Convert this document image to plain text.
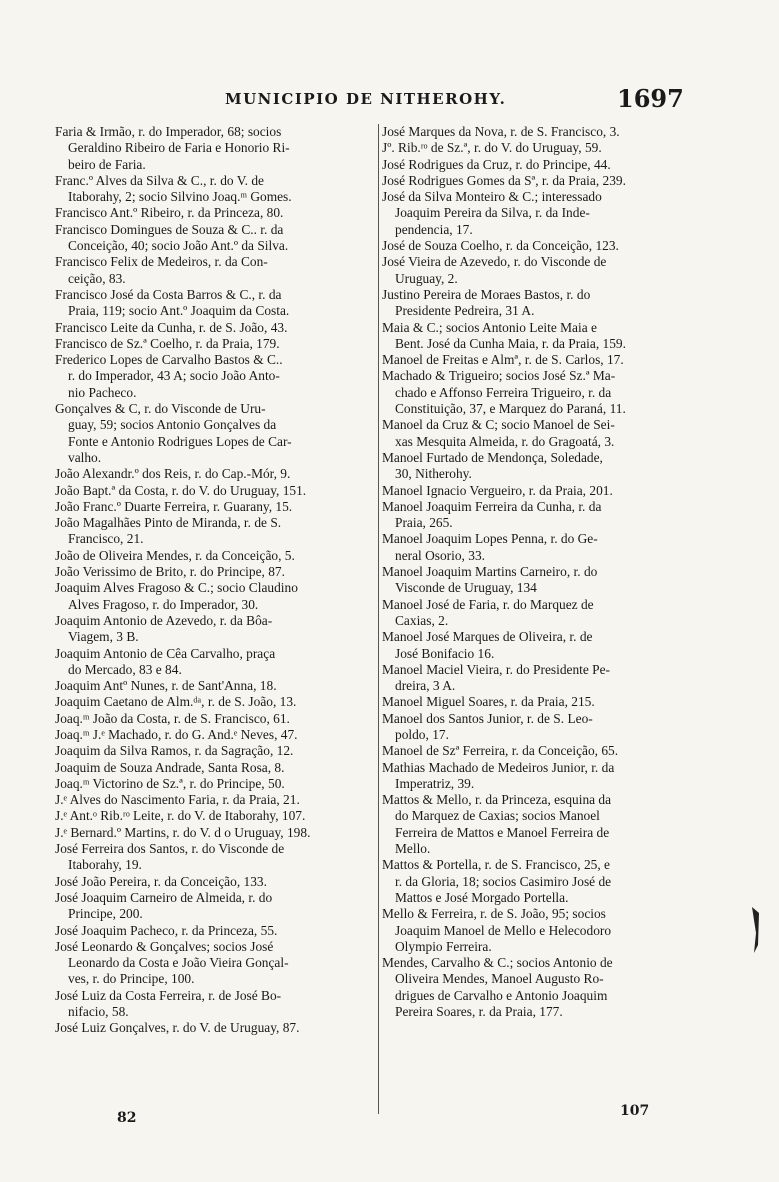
MUNICIPIO DE NITHEROHY.	1697
Faria & Irmão, r. do Imperador, 68; socios
Geraldino Ribeiro de Faria e Honorio Ri-
beiro de Faria.
Franc.º Alves da Silva & C., r. do V. de
Itaborahy, 2; socio Silvino Joaq.ᵐ Gomes.
Francisco Ant.º Ribeiro, r. da Princeza, 80.
Francisco Domingues de Souza & C.. r. da
Conceição, 40; socio João Ant.º da Silva.
Francisco Felix de Medeiros, r. da Con-
ceição, 83.
Francisco José da Costa Barros & C., r. da
Praia, 119; socio Ant.º Joaquim da Costa.
Francisco Leite da Cunha, r. de S. João, 43.
Francisco de Sz.ª Coelho, r. da Praia, 179.
Frederico Lopes de Carvalho Bastos & C..
r. do Imperador, 43 A; socio João Anto-
nio Pacheco.
Gonçalves & C, r. do Visconde de Uru-
guay, 59; socios Antonio Gonçalves da
Fonte e Antonio Rodrigues Lopes de Car-
valho.
João Alexandr.º dos Reis, r. do Cap.-Mór, 9.
João Bapt.ª da Costa, r. do V. do Uruguay, 151.
João Franc.º Duarte Ferreira, r. Guarany, 15.
João Magalhães Pinto de Miranda, r. de S.
Francisco, 21.
João de Oliveira Mendes, r. da Conceição, 5.
João Verissimo de Brito, r. do Principe, 87.
Joaquim Alves Fragoso & C.; socio Claudino
Alves Fragoso, r. do Imperador, 30.
Joaquim Antonio de Azevedo, r. da Bôa-
Viagem, 3 B.
Joaquim Antonio de Cêa Carvalho, praça
do Mercado, 83 e 84.
Joaquim Antº Nunes, r. de Sant'Anna, 18.
Joaquim Caetano de Alm.ᵈᵃ, r. de S. João, 13.
Joaq.ᵐ João da Costa, r. de S. Francisco, 61.
Joaq.ᵐ J.ᵉ Machado, r. do G. And.ᵉ Neves, 47.
Joaquim da Silva Ramos, r. da Sagração, 12.
Joaquim de Souza Andrade, Santa Rosa, 8.
Joaq.ᵐ Victorino de Sz.ª, r. do Principe, 50.
J.ᵉ Alves do Nascimento Faria, r. da Praia, 21.
J.ᵉ Ant.ᵒ Rib.ʳᵒ Leite, r. do V. de Itaborahy, 107.
J.ᵉ Bernard.º Martins, r. do V. d o Uruguay, 198.
José Ferreira dos Santos, r. do Visconde de
Itaborahy, 19.
José João Pereira, r. da Conceição, 133.
José Joaquim Carneiro de Almeida, r. do
Principe, 200.
José Joaquim Pacheco, r. da Princeza, 55.
José Leonardo & Gonçalves; socios José
Leonardo da Costa e João Vieira Gonçal-
ves, r. do Principe, 100.
José Luiz da Costa Ferreira, r. de José Bo-
nifacio, 58.
José Luiz Gonçalves, r. do V. de Uruguay, 87.
José Marques da Nova, r. de S. Francisco, 3.
Jº. Rib.ʳᵒ de Sz.ª, r. do V. do Uruguay, 59.
José Rodrigues da Cruz, r. do Principe, 44.
José Rodrigues Gomes da Sª, r. da Praia, 239.
José da Silva Monteiro & C.; interessado
Joaquim Pereira da Silva, r. da Inde-
pendencia, 17.
José de Souza Coelho, r. da Conceição, 123.
José Vieira de Azevedo, r. do Visconde de
Uruguay, 2.
Justino Pereira de Moraes Bastos, r. do
Presidente Pedreira, 31 A.
Maia & C.; socios Antonio Leite Maia e
Bent. José da Cunha Maia, r. da Praia, 159.
Manoel de Freitas e Almª, r. de S. Carlos, 17.
Machado & Trigueiro; socios José Sz.ª Ma-
chado e Affonso Ferreira Trigueiro, r. da
Constituição, 37, e Marquez do Paraná, 11.
Manoel da Cruz & C; socio Manoel de Sei-
xas Mesquita Almeida, r. do Gragoatá, 3.
Manoel Furtado de Mendonça, Soledade,
30, Nitherohy.
Manoel Ignacio Vergueiro, r. da Praia, 201.
Manoel Joaquim Ferreira da Cunha, r. da
Praia, 265.
Manoel Joaquim Lopes Penna, r. do Ge-
neral Osorio, 33.
Manoel Joaquim Martins Carneiro, r. do
Visconde de Uruguay, 134
Manoel José de Faria, r. do Marquez de
Caxias, 2.
Manoel José Marques de Oliveira, r. de
José Bonifacio 16.
Manoel Maciel Vieira, r. do Presidente Pe-
dreira, 3 A.
Manoel Miguel Soares, r. da Praia, 215.
Manoel dos Santos Junior, r. de S. Leo-
poldo, 17.
Manoel de Szª Ferreira, r. da Conceição, 65.
Mathias Machado de Medeiros Junior, r. da
Imperatriz, 39.
Mattos & Mello, r. da Princeza, esquina da
do Marquez de Caxias; socios Manoel
Ferreira de Mattos e Manoel Ferreira de
Mello.
Mattos & Portella, r. de S. Francisco, 25, e
r. da Gloria, 18; socios Casimiro José de
Mattos e José Morgado Portella.
Mello & Ferreira, r. de S. João, 95; socios
Joaquim Manoel de Mello e Helecodoro
Olympio Ferreira.
Mendes, Carvalho & C.; socios Antonio de
Oliveira Mendes, Manoel Augusto Ro-
drigues de Carvalho e Antonio Joaquim
Pereira Soares, r. da Praia, 177.
82	107
